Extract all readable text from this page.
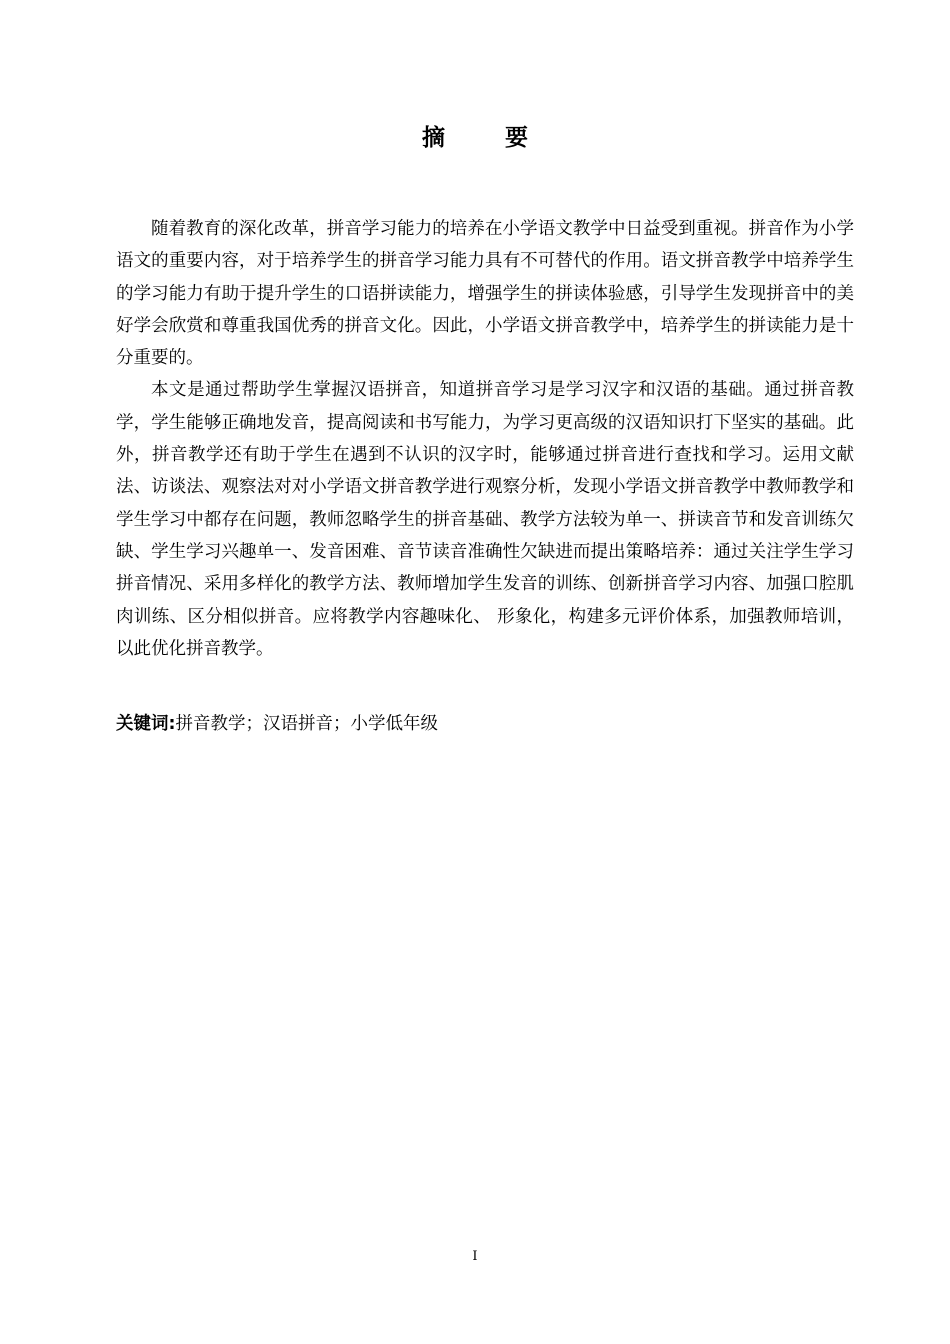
摘 要

随着教育的深化改革，拼音学习能力的培养在小学语文教学中日益受到重视。拼音作为小学语文的重要内容，对于培养学生的拼音学习能力具有不可替代的作用。语文拼音教学中培养学生的学习能力有助于提升学生的口语拼读能力，增强学生的拼读体验感，引导学生发现拼音中的美好学会欣赏和尊重我国优秀的拼音文化。因此，小学语文拼音教学中，培养学生的拼读能力是十分重要的。

本文是通过帮助学生掌握汉语拼音，知道拼音学习是学习汉字和汉语的基础。通过拼音教学，学生能够正确地发音，提高阅读和书写能力，为学习更高级的汉语知识打下坚实的基础。此外，拼音教学还有助于学生在遇到不认识的汉字时，能够通过拼音进行查找和学习。运用文献法、访谈法、观察法对对小学语文拼音教学进行观察分析，发现小学语文拼音教学中教师教学和学生学习中都存在问题，教师忽略学生的拼音基础、教学方法较为单一、拼读音节和发音训练欠缺、学生学习兴趣单一、发音困难、音节读音准确性欠缺进而提出策略培养：通过关注学生学习拼音情况、采用多样化的教学方法、教师增加学生发音的训练、创新拼音学习内容、加强口腔肌肉训练、区分相似拼音。应将教学内容趣味化、 形象化，构建多元评价体系，加强教师培训，以此优化拼音教学。

关键词:拼音教学；汉语拼音；小学低年级
I
